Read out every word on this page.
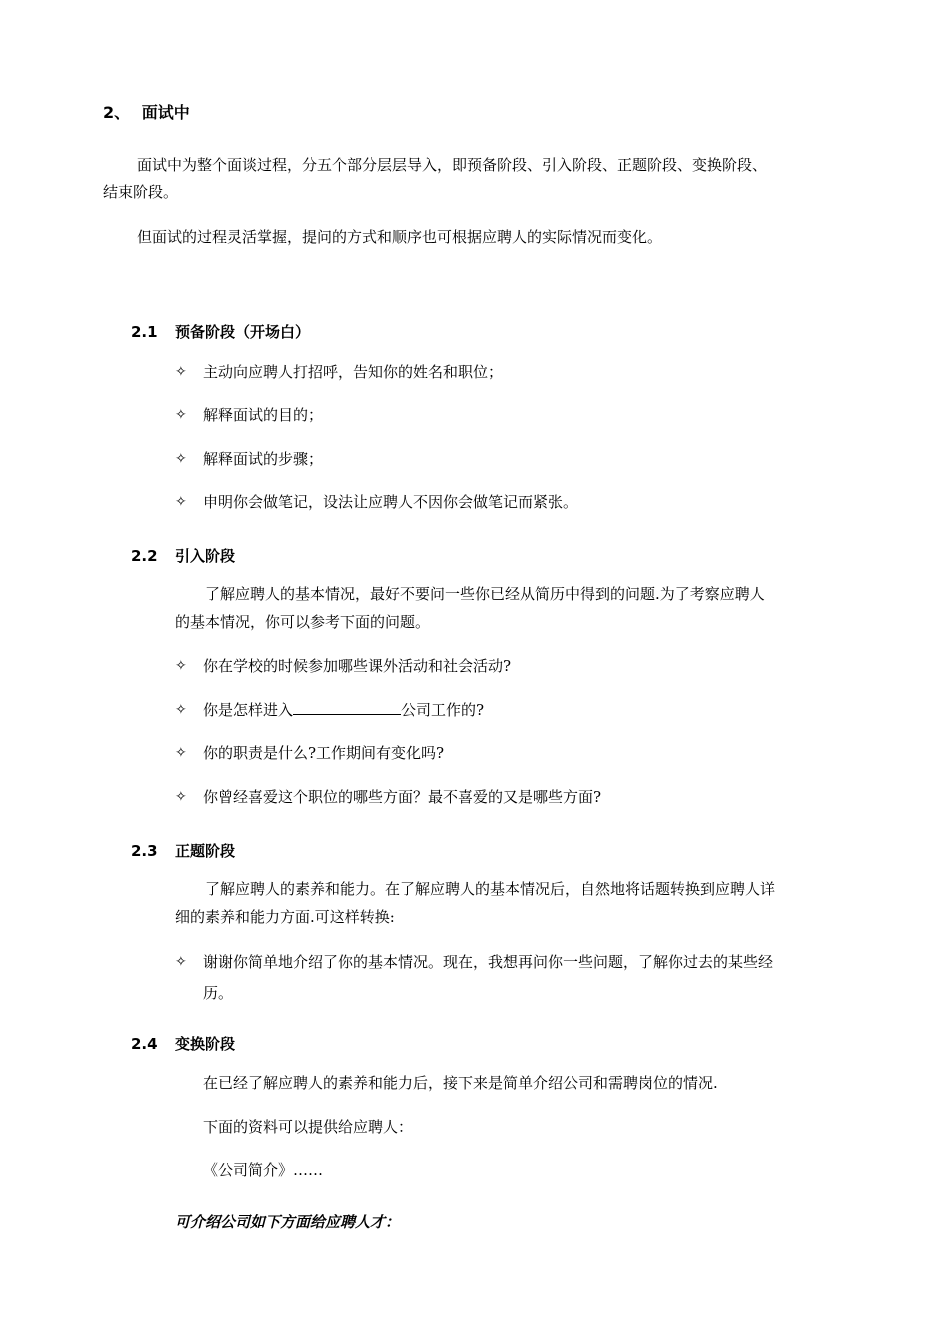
2、 面试中
面试中为整个面谈过程，分五个部分层层导入，即预备阶段、引入阶段、正题阶段、变换阶段、
结束阶段。
但面试的过程灵活掌握，提问的方式和顺序也可根据应聘人的实际情况而变化。
2.1 预备阶段（开场白）
✧	主动向应聘人打招呼，告知你的姓名和职位；
✧	解释面试的目的；
✧	解释面试的步骤；
✧	申明你会做笔记，设法让应聘人不因你会做笔记而紧张。
2.2 引入阶段
了解应聘人的基本情况，最好不要问一些你已经从简历中得到的问题.为了考察应聘人
的基本情况，你可以参考下面的问题。
✧	你在学校的时候参加哪些课外活动和社会活动?
✧	你是怎样进入	公司工作的?
✧	你的职责是什么?工作期间有变化吗?
✧	你曾经喜爱这个职位的哪些方面？最不喜爱的又是哪些方面?
2.3 正题阶段
了解应聘人的素养和能力。在了解应聘人的基本情况后，自然地将话题转换到应聘人详
细的素养和能力方面.可这样转换:
✧	谢谢你简单地介绍了你的基本情况。现在，我想再问你一些问题，了解你过去的某些经
历。
2.4 变换阶段
在已经了解应聘人的素养和能力后，接下来是简单介绍公司和需聘岗位的情况.
下面的资料可以提供给应聘人：
《公司简介》……
可介绍公司如下方面给应聘人才：
